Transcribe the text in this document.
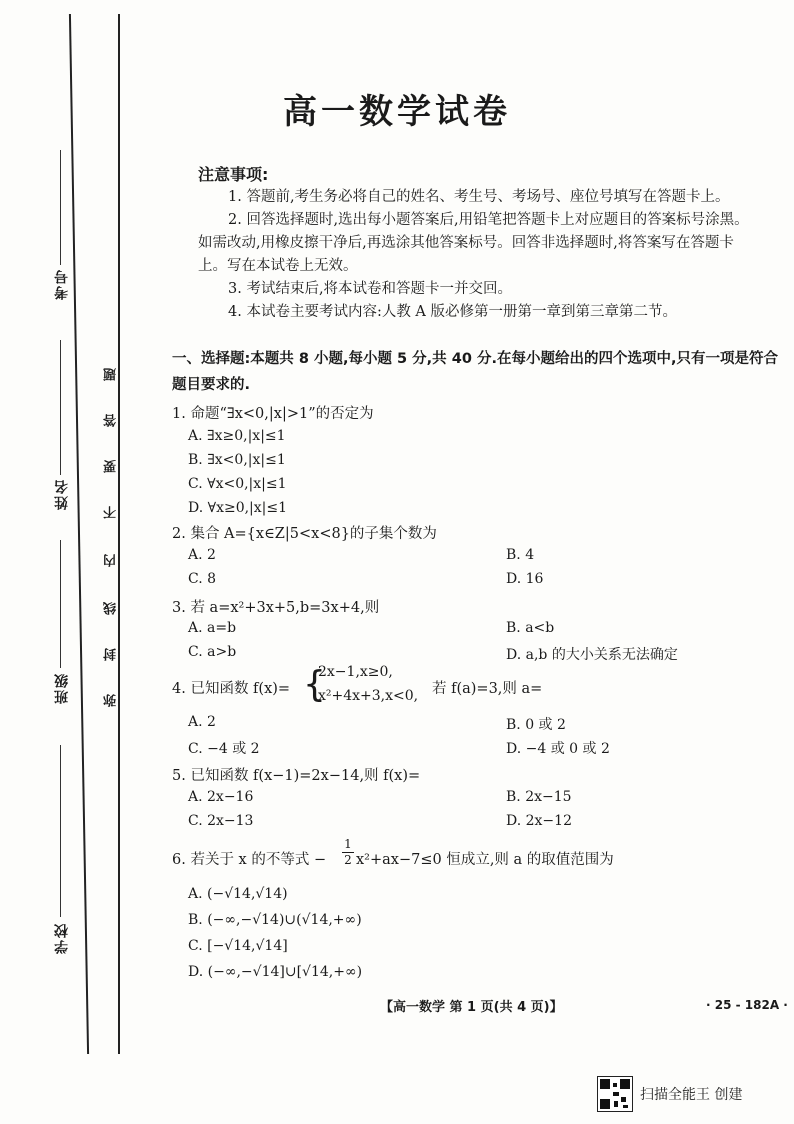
考号
姓名
班级
学校
题
答
要
不
内
线
封
弥
高一数学试卷
注意事项:
1. 答题前,考生务必将自己的姓名、考生号、考场号、座位号填写在答题卡上。
2. 回答选择题时,选出每小题答案后,用铅笔把答题卡上对应题目的答案标号涂黑。如需改动,用橡皮擦干净后,再选涂其他答案标号。回答非选择题时,将答案写在答题卡上。写在本试卷上无效。
3. 考试结束后,将本试卷和答题卡一并交回。
4. 本试卷主要考试内容:人教 A 版必修第一册第一章到第三章第二节。
一、选择题:本题共 8 小题,每小题 5 分,共 40 分.在每小题给出的四个选项中,只有一项是符合题目要求的.
1. 命题“∃x<0,|x|>1”的否定为
A. ∃x≥0,|x|≤1
B. ∃x<0,|x|≤1
C. ∀x<0,|x|≤1
D. ∀x≥0,|x|≤1
2. 集合 A={x∈Z|5<x<8}的子集个数为
A. 2	B. 4
C. 8	D. 16
3. 若 a=x²+3x+5,b=3x+4,则
A. a=b	B. a<b
C. a>b	D. a,b 的大小关系无法确定
4. 已知函数 f(x)= {
2x−1,x≥0,
x²+4x+3,x<0, 若 f(a)=3,则 a=
A. 2	B. 0 或 2
C. −4 或 2	D. −4 或 0 或 2
5. 已知函数 f(x−1)=2x−14,则 f(x)=
A. 2x−16	B. 2x−15
C. 2x−13	D. 2x−12
6. 若关于 x 的不等式 −
1
2 x²+ax−7≤0 恒成立,则 a 的取值范围为
A. (−√14,√14)
B. (−∞,−√14)∪(√14,+∞)
C. [−√14,√14]
D. (−∞,−√14]∪[√14,+∞)
【高一数学 第 1 页(共 4 页)】	· 25 - 182A ·
扫描全能王 创建
